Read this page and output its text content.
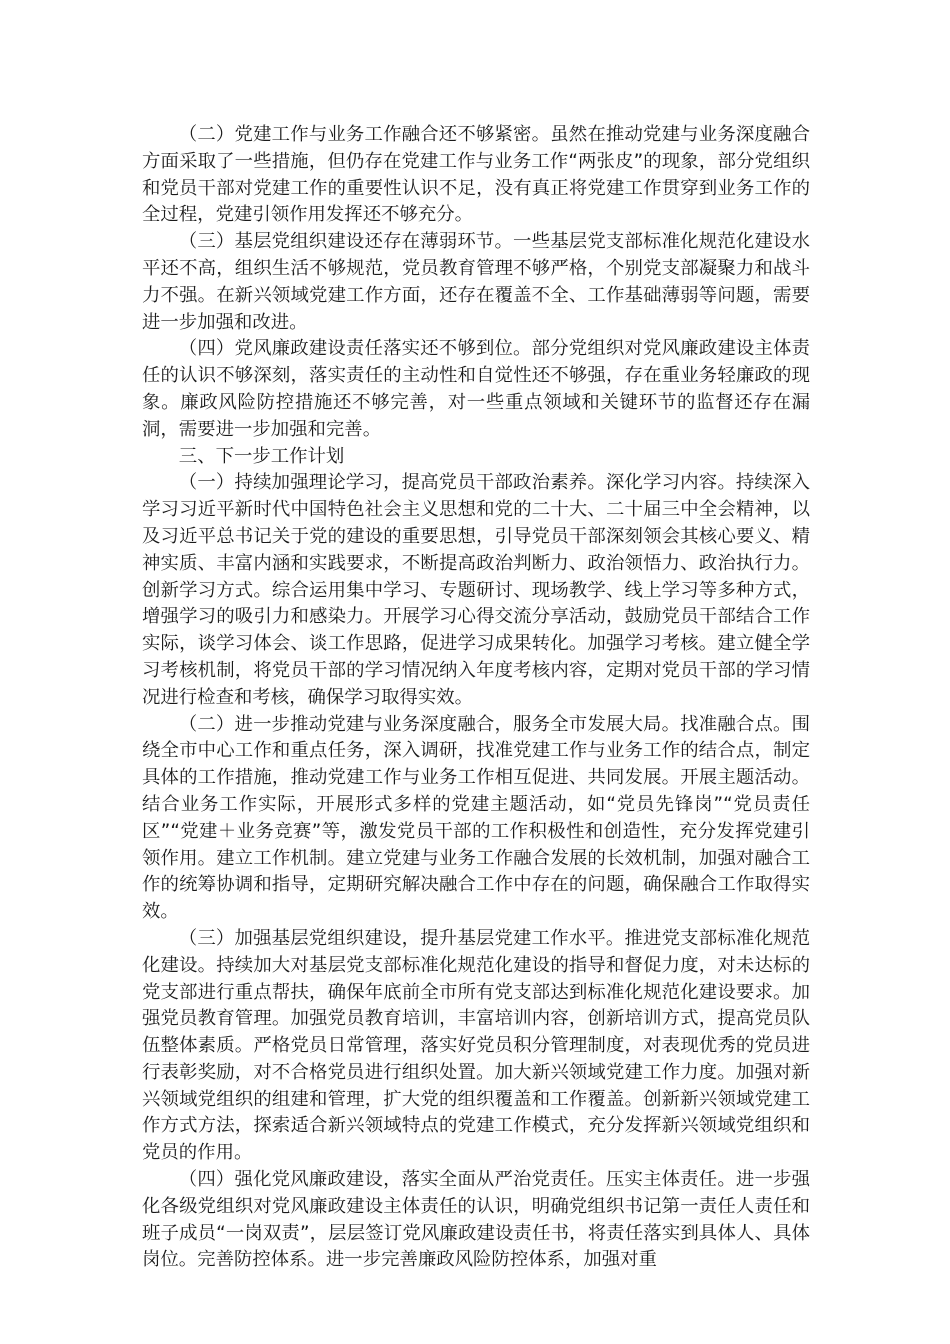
（二）党建工作与业务工作融合还不够紧密。虽然在推动党建与业务深度融合方面采取了一些措施，但仍存在党建工作与业务工作“两张皮”的现象，部分党组织和党员干部对党建工作的重要性认识不足，没有真正将党建工作贯穿到业务工作的全过程，党建引领作用发挥还不够充分。

（三）基层党组织建设还存在薄弱环节。一些基层党支部标准化规范化建设水平还不高，组织生活不够规范，党员教育管理不够严格，个别党支部凝聚力和战斗力不强。在新兴领域党建工作方面，还存在覆盖不全、工作基础薄弱等问题，需要进一步加强和改进。

（四）党风廉政建设责任落实还不够到位。部分党组织对党风廉政建设主体责任的认识不够深刻，落实责任的主动性和自觉性还不够强，存在重业务轻廉政的现象。廉政风险防控措施还不够完善，对一些重点领域和关键环节的监督还存在漏洞，需要进一步加强和完善。

三、下一步工作计划

（一）持续加强理论学习，提高党员干部政治素养。深化学习内容。持续深入学习习近平新时代中国特色社会主义思想和党的二十大、二十届三中全会精神，以及习近平总书记关于党的建设的重要思想，引导党员干部深刻领会其核心要义、精神实质、丰富内涵和实践要求，不断提高政治判断力、政治领悟力、政治执行力。创新学习方式。综合运用集中学习、专题研讨、现场教学、线上学习等多种方式，增强学习的吸引力和感染力。开展学习心得交流分享活动，鼓励党员干部结合工作实际，谈学习体会、谈工作思路，促进学习成果转化。加强学习考核。建立健全学习考核机制，将党员干部的学习情况纳入年度考核内容，定期对党员干部的学习情况进行检查和考核，确保学习取得实效。

（二）进一步推动党建与业务深度融合，服务全市发展大局。找准融合点。围绕全市中心工作和重点任务，深入调研，找准党建工作与业务工作的结合点，制定具体的工作措施，推动党建工作与业务工作相互促进、共同发展。开展主题活动。结合业务工作实际，开展形式多样的党建主题活动，如“党员先锋岗”“党员责任区”“党建＋业务竞赛”等，激发党员干部的工作积极性和创造性，充分发挥党建引领作用。建立工作机制。建立党建与业务工作融合发展的长效机制，加强对融合工作的统筹协调和指导，定期研究解决融合工作中存在的问题，确保融合工作取得实效。

（三）加强基层党组织建设，提升基层党建工作水平。推进党支部标准化规范化建设。持续加大对基层党支部标准化规范化建设的指导和督促力度，对未达标的党支部进行重点帮扶，确保年底前全市所有党支部达到标准化规范化建设要求。加强党员教育管理。加强党员教育培训，丰富培训内容，创新培训方式，提高党员队伍整体素质。严格党员日常管理，落实好党员积分管理制度，对表现优秀的党员进行表彰奖励，对不合格党员进行组织处置。加大新兴领域党建工作力度。加强对新兴领域党组织的组建和管理，扩大党的组织覆盖和工作覆盖。创新新兴领域党建工作方式方法，探索适合新兴领域特点的党建工作模式，充分发挥新兴领域党组织和党员的作用。

（四）强化党风廉政建设，落实全面从严治党责任。压实主体责任。进一步强化各级党组织对党风廉政建设主体责任的认识，明确党组织书记第一责任人责任和班子成员“一岗双责”，层层签订党风廉政建设责任书，将责任落实到具体人、具体岗位。完善防控体系。进一步完善廉政风险防控体系，加强对重
